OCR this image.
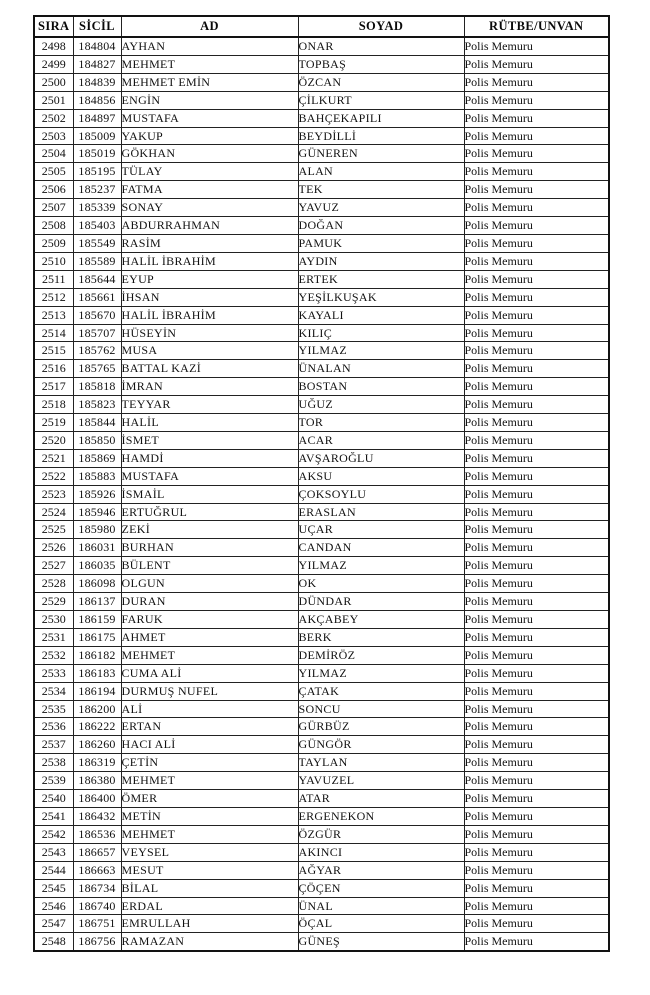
SIRA	SİCİL	AD	SOYAD	RÜTBE/UNVAN
2498	184804	AYHAN	ONAR	Polis Memuru
2499	184827	MEHMET	TOPBAŞ	Polis Memuru
2500	184839	MEHMET EMİN	ÖZCAN	Polis Memuru
2501	184856	ENGİN	ÇİLKURT	Polis Memuru
2502	184897	MUSTAFA	BAHÇEKAPILI	Polis Memuru
2503	185009	YAKUP	BEYDİLLİ	Polis Memuru
2504	185019	GÖKHAN	GÜNEREN	Polis Memuru
2505	185195	TÜLAY	ALAN	Polis Memuru
2506	185237	FATMA	TEK	Polis Memuru
2507	185339	SONAY	YAVUZ	Polis Memuru
2508	185403	ABDURRAHMAN	DOĞAN	Polis Memuru
2509	185549	RASİM	PAMUK	Polis Memuru
2510	185589	HALİL İBRAHİM	AYDIN	Polis Memuru
2511	185644	EYUP	ERTEK	Polis Memuru
2512	185661	İHSAN	YEŞİLKUŞAK	Polis Memuru
2513	185670	HALİL İBRAHİM	KAYALI	Polis Memuru
2514	185707	HÜSEYİN	KILIÇ	Polis Memuru
2515	185762	MUSA	YILMAZ	Polis Memuru
2516	185765	BATTAL KAZİ	ÜNALAN	Polis Memuru
2517	185818	İMRAN	BOSTAN	Polis Memuru
2518	185823	TEYYAR	UĞUZ	Polis Memuru
2519	185844	HALİL	TOR	Polis Memuru
2520	185850	İSMET	ACAR	Polis Memuru
2521	185869	HAMDİ	AVŞAROĞLU	Polis Memuru
2522	185883	MUSTAFA	AKSU	Polis Memuru
2523	185926	İSMAİL	ÇOKSOYLU	Polis Memuru
2524	185946	ERTUĞRUL	ERASLAN	Polis Memuru
2525	185980	ZEKİ	UÇAR	Polis Memuru
2526	186031	BURHAN	CANDAN	Polis Memuru
2527	186035	BÜLENT	YILMAZ	Polis Memuru
2528	186098	OLGUN	OK	Polis Memuru
2529	186137	DURAN	DÜNDAR	Polis Memuru
2530	186159	FARUK	AKÇABEY	Polis Memuru
2531	186175	AHMET	BERK	Polis Memuru
2532	186182	MEHMET	DEMİRÖZ	Polis Memuru
2533	186183	CUMA ALİ	YILMAZ	Polis Memuru
2534	186194	DURMUŞ NUFEL	ÇATAK	Polis Memuru
2535	186200	ALİ	SONCU	Polis Memuru
2536	186222	ERTAN	GÜRBÜZ	Polis Memuru
2537	186260	HACI ALİ	GÜNGÖR	Polis Memuru
2538	186319	ÇETİN	TAYLAN	Polis Memuru
2539	186380	MEHMET	YAVUZEL	Polis Memuru
2540	186400	ÖMER	ATAR	Polis Memuru
2541	186432	METİN	ERGENEKON	Polis Memuru
2542	186536	MEHMET	ÖZGÜR	Polis Memuru
2543	186657	VEYSEL	AKINCI	Polis Memuru
2544	186663	MESUT	AĞYAR	Polis Memuru
2545	186734	BİLAL	ÇÖÇEN	Polis Memuru
2546	186740	ERDAL	ÜNAL	Polis Memuru
2547	186751	EMRULLAH	ÖÇAL	Polis Memuru
2548	186756	RAMAZAN	GÜNEŞ	Polis Memuru
